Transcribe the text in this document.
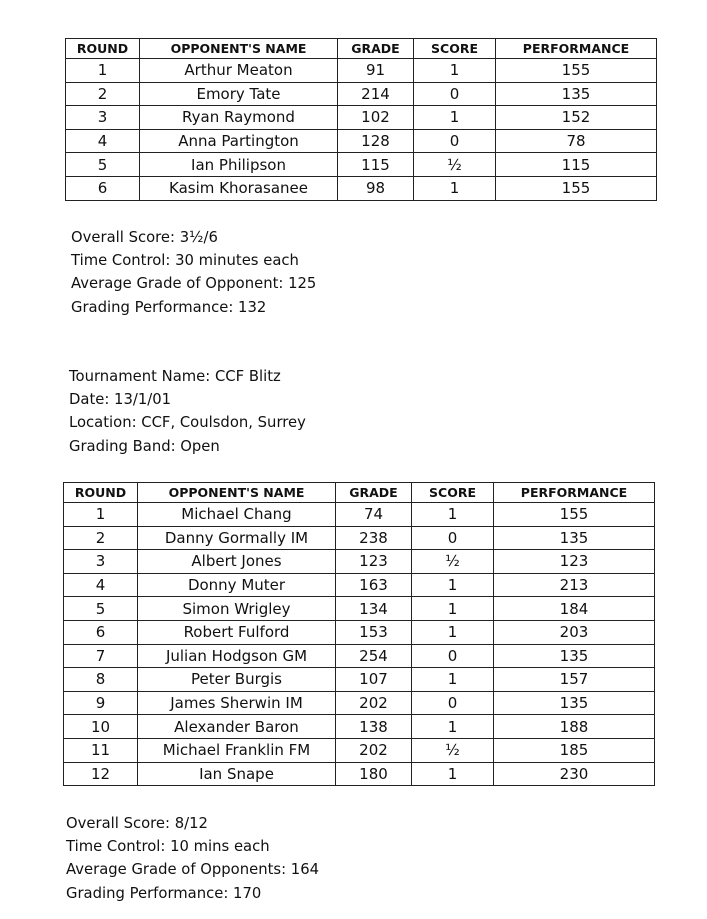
ROUND	OPPONENT'S NAME	GRADE	SCORE	PERFORMANCE
1	Arthur Meaton	91	1	155
2	Emory Tate	214	0	135
3	Ryan Raymond	102	1	152
4	Anna Partington	128	0	78
5	Ian Philipson	115	½	115
6	Kasim Khorasanee	98	1	155
Overall Score: 3½/6
Time Control: 30 minutes each
Average Grade of Opponent: 125
Grading Performance: 132
Tournament Name: CCF Blitz
Date: 13/1/01
Location: CCF, Coulsdon, Surrey
Grading Band: Open
ROUND	OPPONENT'S NAME	GRADE	SCORE	PERFORMANCE
1	Michael Chang	74	1	155
2	Danny Gormally IM	238	0	135
3	Albert Jones	123	½	123
4	Donny Muter	163	1	213
5	Simon Wrigley	134	1	184
6	Robert Fulford	153	1	203
7	Julian Hodgson GM	254	0	135
8	Peter Burgis	107	1	157
9	James Sherwin IM	202	0	135
10	Alexander Baron	138	1	188
11	Michael Franklin FM	202	½	185
12	Ian Snape	180	1	230
Overall Score: 8/12
Time Control: 10 mins each
Average Grade of Opponents: 164
Grading Performance: 170
